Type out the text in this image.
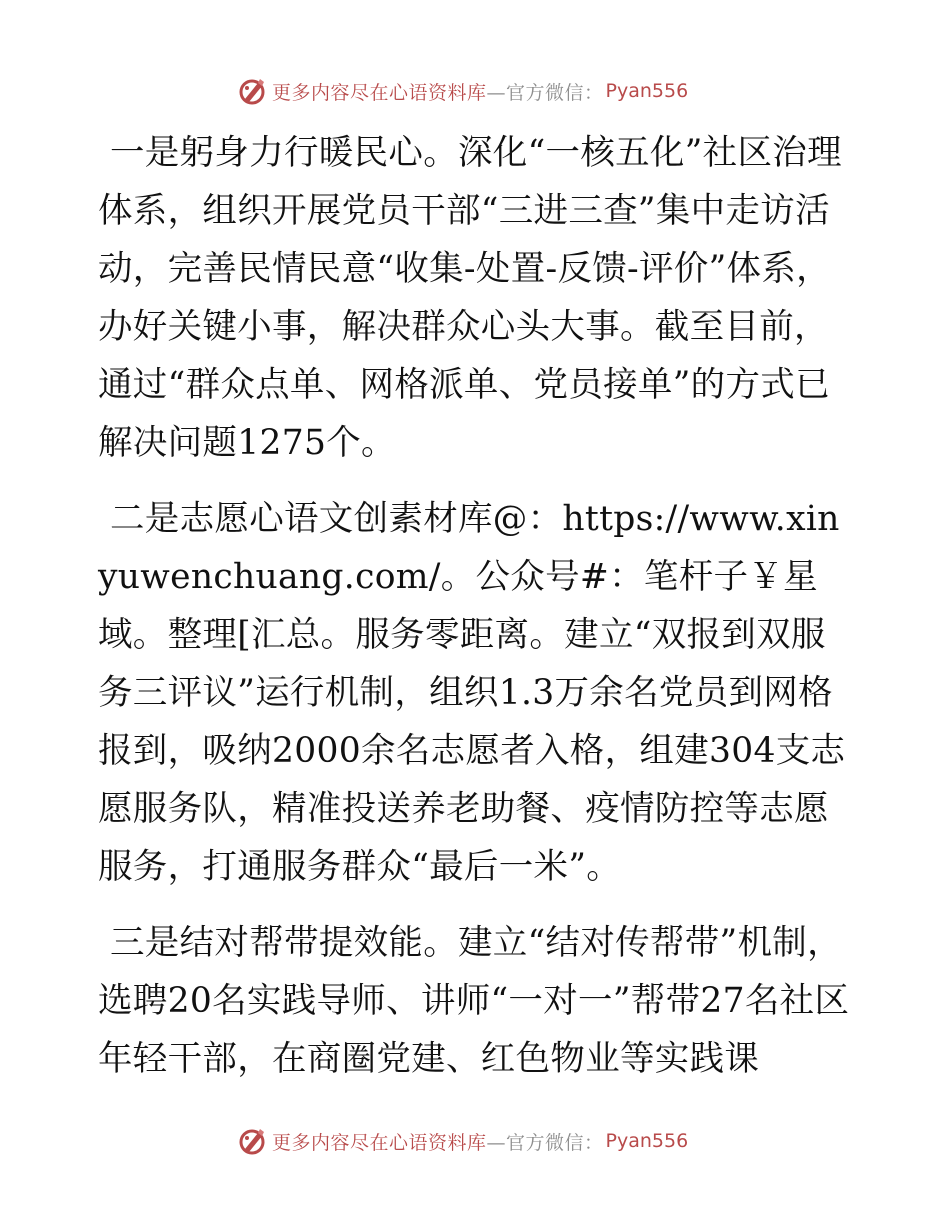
更多内容尽在心语资料库 —官方微信： Pyan556

一是躬身力行暖民心。深化“一核五化”社区治理体系，组织开展党员干部“三进三查”集中走访活动，完善民情民意“收集-处置-反馈-评价”体系，办好关键小事，解决群众心头大事。截至目前，通过“群众点单、网格派单、党员接单”的方式已解决问题1275个。

二是志愿心语文创素材库@：https://www.xinyuwenchuang.com/。公众号#：笔杆子￥星域。整理[汇总。服务零距离。建立“双报到双服务三评议”运行机制，组织1.3万余名党员到网格报到，吸纳2000余名志愿者入格，组建304支志愿服务队，精准投送养老助餐、疫情防控等志愿服务，打通服务群众“最后一米”。

三是结对帮带提效能。建立“结对传帮带”机制，选聘20名实践导师、讲师“一对一”帮带27名社区年轻干部，在商圈党建、红色物业等实践课

更多内容尽在心语资料库 —官方微信： Pyan556
